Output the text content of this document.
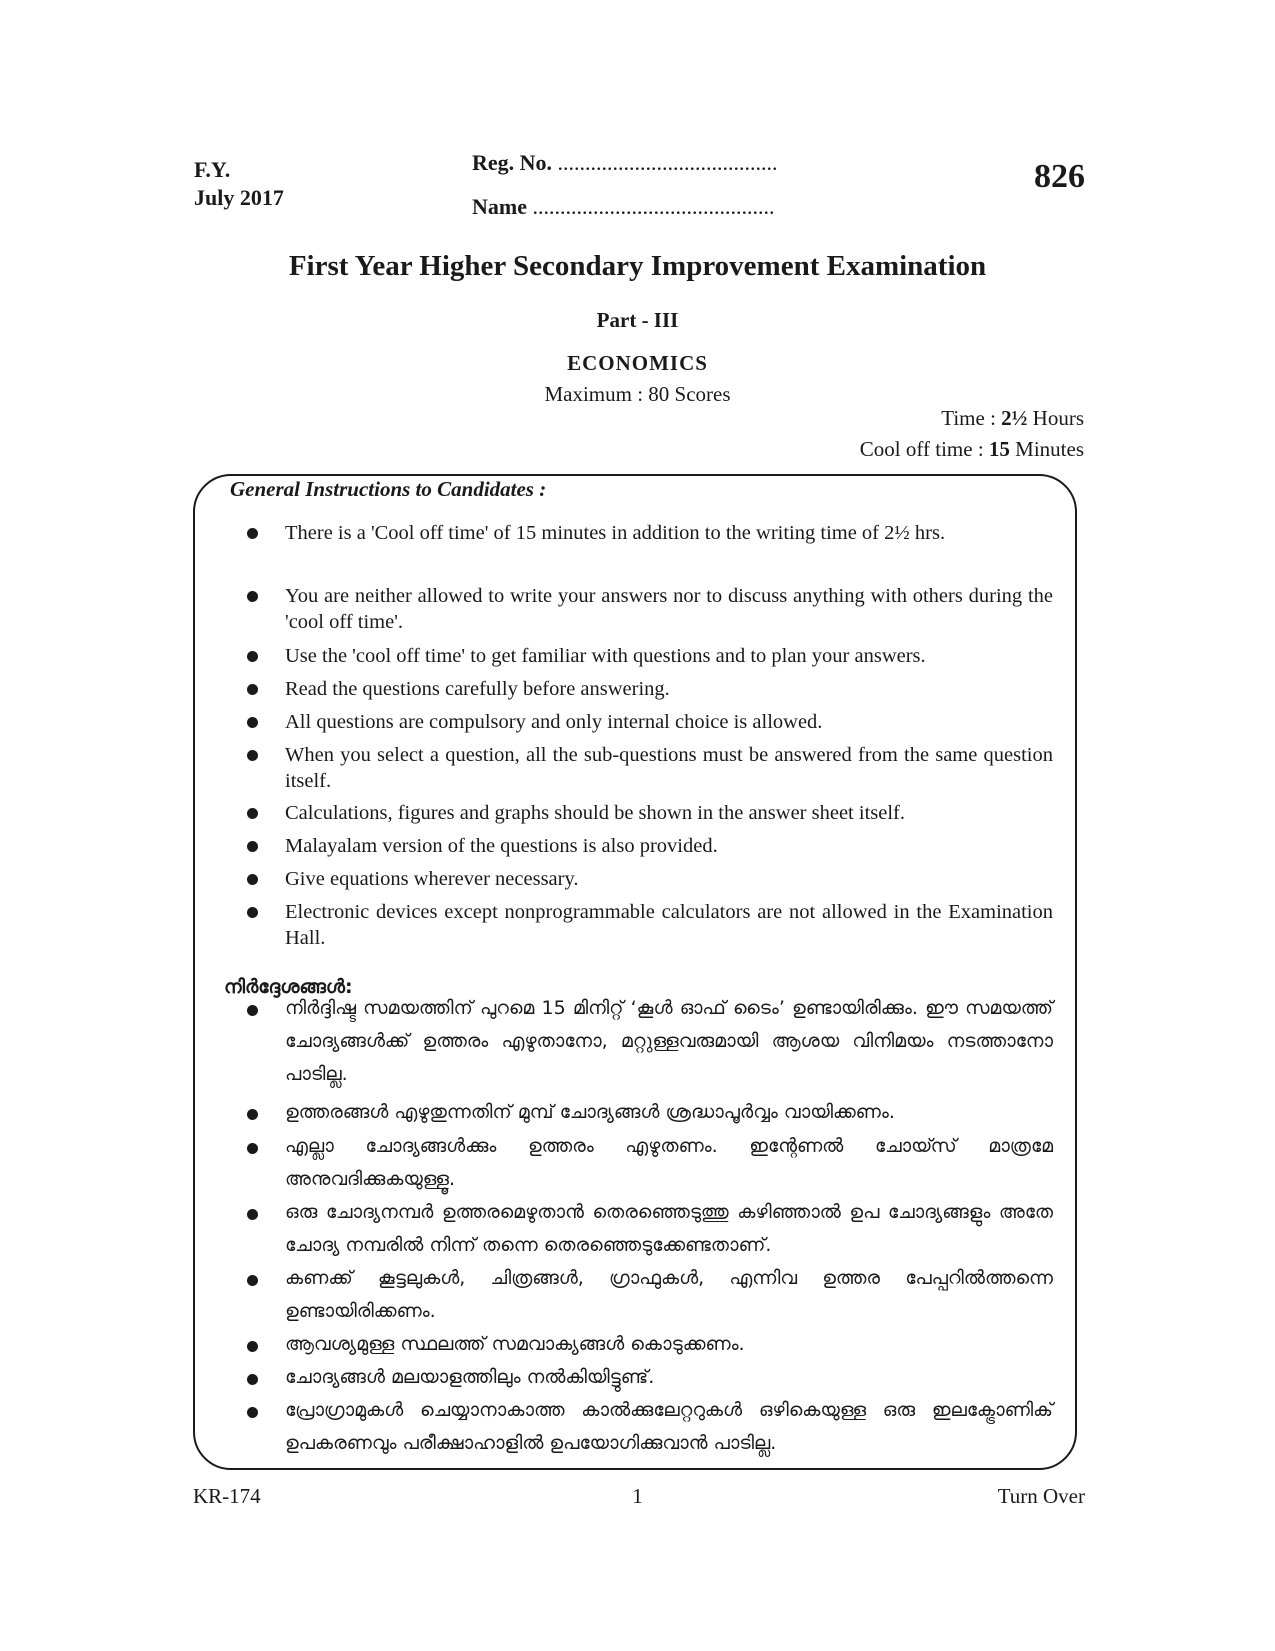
F.Y.
July 2017
Reg. No. ........................................
Name ............................................
826
First Year Higher Secondary Improvement Examination
Part - III
ECONOMICS
Maximum : 80 Scores
Time : 2½ Hours
Cool off time : 15 Minutes
General Instructions to Candidates :
There is a 'Cool off time' of 15 minutes in addition to the writing time of 2½ hrs.
You are neither allowed to write your answers nor to discuss anything with others during the 'cool off time'.
Use the 'cool off time' to get familiar with questions and to plan your answers.
Read the questions carefully before answering.
All questions are compulsory and only internal choice is allowed.
When you select a question, all the sub-questions must be answered from the same question itself.
Calculations, figures and graphs should be shown in the answer sheet itself.
Malayalam version of the questions is also provided.
Give equations wherever necessary.
Electronic devices except nonprogrammable calculators are not allowed in the Examination Hall.
നിർദ്ദേശങ്ങൾ:
നിർദ്ദിഷ്ട സമയത്തിന് പുറമെ 15 മിനിറ്റ് ‘കൂൾ ഓഫ് ടൈം’ ഉണ്ടായിരിക്കും. ഈ സമയത്ത് ചോദ്യങ്ങൾക്ക് ഉത്തരം എഴുതാനോ, മറ്റുള്ളവരുമായി ആശയ വിനിമയം നടത്താനോ പാടില്ല.
ഉത്തരങ്ങൾ എഴുതുന്നതിന് മുമ്പ് ചോദ്യങ്ങൾ ശ്രദ്ധാപൂർവ്വം വായിക്കണം.
എല്ലാ ചോദ്യങ്ങൾക്കും ഉത്തരം എഴുതണം. ഇന്റേണൽ ചോയ്സ് മാത്രമേ അനുവദിക്കുകയുള്ളൂ.
ഒരു ചോദ്യനമ്പർ ഉത്തരമെഴുതാൻ തെരഞ്ഞെടുത്തു കഴിഞ്ഞാൽ ഉപ ചോദ്യങ്ങളും അതേ ചോദ്യ നമ്പരിൽ നിന്ന് തന്നെ തെരഞ്ഞെടുക്കേണ്ടതാണ്.
കണക്ക് കൂട്ടലുകൾ, ചിത്രങ്ങൾ, ഗ്രാഫുകൾ, എന്നിവ ഉത്തര പേപ്പറിൽത്തന്നെ ഉണ്ടായിരിക്കണം.
ആവശ്യമുള്ള സ്ഥലത്ത് സമവാക്യങ്ങൾ കൊടുക്കണം.
ചോദ്യങ്ങൾ മലയാളത്തിലും നൽകിയിട്ടുണ്ട്.
പ്രോഗ്രാമുകൾ ചെയ്യാനാകാത്ത കാൽക്കുലേറ്ററുകൾ ഒഴികെയുള്ള ഒരു ഇലക്ട്രോണിക് ഉപകരണവും പരീക്ഷാഹാളിൽ ഉപയോഗിക്കുവാൻ പാടില്ല.
KR-174	1	Turn Over
